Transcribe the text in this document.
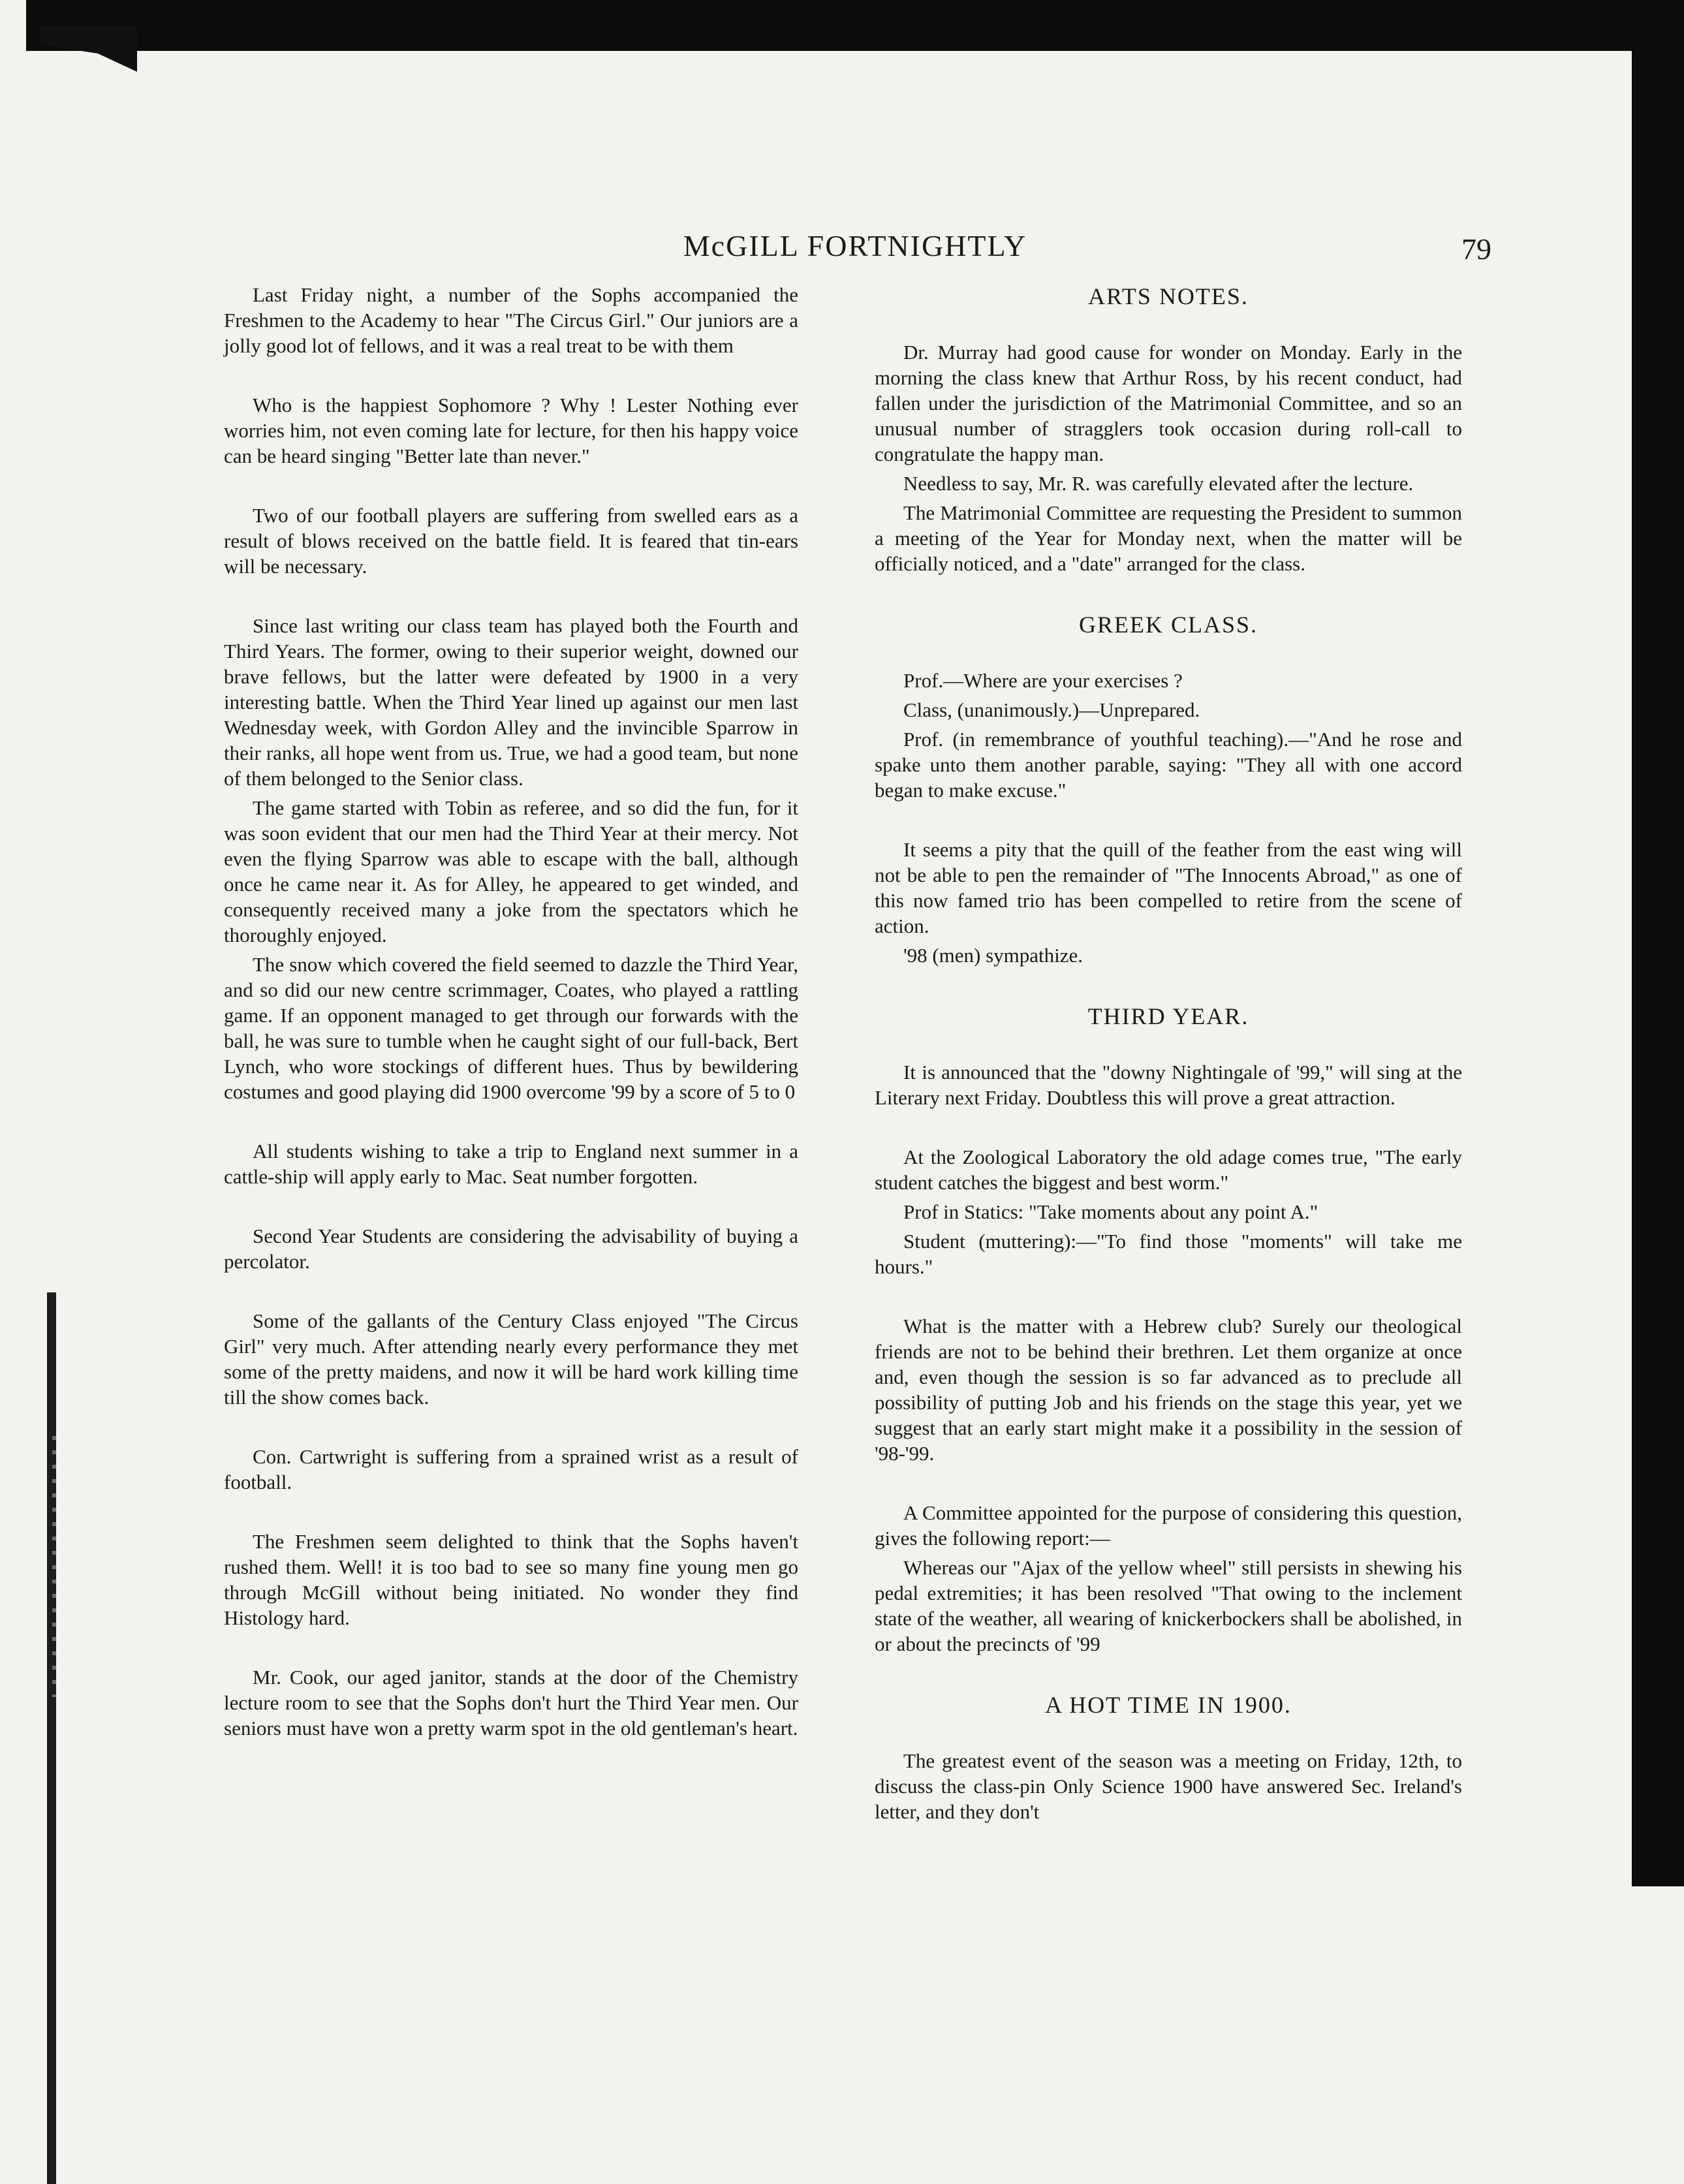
McGILL FORTNIGHTLY	79

Last Friday night, a number of the Sophs accompanied the Freshmen to the Academy to hear "The Circus Girl." Our juniors are a jolly good lot of fellows, and it was a real treat to be with them

Who is the happiest Sophomore ? Why ! Lester Nothing ever worries him, not even coming late for lecture, for then his happy voice can be heard singing "Better late than never."

Two of our football players are suffering from swelled ears as a result of blows received on the battle field. It is feared that tin-ears will be necessary.

Since last writing our class team has played both the Fourth and Third Years. The former, owing to their superior weight, downed our brave fellows, but the latter were defeated by 1900 in a very interesting battle. When the Third Year lined up against our men last Wednesday week, with Gordon Alley and the invincible Sparrow in their ranks, all hope went from us. True, we had a good team, but none of them belonged to the Senior class.

The game started with Tobin as referee, and so did the fun, for it was soon evident that our men had the Third Year at their mercy. Not even the flying Sparrow was able to escape with the ball, although once he came near it. As for Alley, he appeared to get winded, and consequently received many a joke from the spectators which he thoroughly enjoyed.

The snow which covered the field seemed to dazzle the Third Year, and so did our new centre scrimmager, Coates, who played a rattling game. If an opponent managed to get through our forwards with the ball, he was sure to tumble when he caught sight of our full-back, Bert Lynch, who wore stockings of different hues. Thus by bewildering costumes and good playing did 1900 overcome '99 by a score of 5 to 0

All students wishing to take a trip to England next summer in a cattle-ship will apply early to Mac. Seat number forgotten.

Second Year Students are considering the advisability of buying a percolator.

Some of the gallants of the Century Class enjoyed "The Circus Girl" very much. After attending nearly every performance they met some of the pretty maidens, and now it will be hard work killing time till the show comes back.

Con. Cartwright is suffering from a sprained wrist as a result of football.

The Freshmen seem delighted to think that the Sophs haven't rushed them. Well! it is too bad to see so many fine young men go through McGill without being initiated. No wonder they find Histology hard.

Mr. Cook, our aged janitor, stands at the door of the Chemistry lecture room to see that the Sophs don't hurt the Third Year men. Our seniors must have won a pretty warm spot in the old gentleman's heart.

ARTS NOTES.

Dr. Murray had good cause for wonder on Monday. Early in the morning the class knew that Arthur Ross, by his recent conduct, had fallen under the jurisdiction of the Matrimonial Committee, and so an unusual number of stragglers took occasion during roll-call to congratulate the happy man.

Needless to say, Mr. R. was carefully elevated after the lecture.

The Matrimonial Committee are requesting the President to summon a meeting of the Year for Monday next, when the matter will be officially noticed, and a "date" arranged for the class.

GREEK CLASS.

Prof.—Where are your exercises ?

Class, (unanimously.)—Unprepared.

Prof. (in remembrance of youthful teaching).—"And he rose and spake unto them another parable, saying: "They all with one accord began to make excuse."

It seems a pity that the quill of the feather from the east wing will not be able to pen the remainder of "The Innocents Abroad," as one of this now famed trio has been compelled to retire from the scene of action.

'98 (men) sympathize.

THIRD YEAR.

It is announced that the "downy Nightingale of '99," will sing at the Literary next Friday. Doubtless this will prove a great attraction.

At the Zoological Laboratory the old adage comes true, "The early student catches the biggest and best worm."

Prof in Statics: "Take moments about any point A."

Student (muttering):—"To find those "moments" will take me hours."

What is the matter with a Hebrew club? Surely our theological friends are not to be behind their brethren. Let them organize at once and, even though the session is so far advanced as to preclude all possibility of putting Job and his friends on the stage this year, yet we suggest that an early start might make it a possibility in the session of '98-'99.

A Committee appointed for the purpose of considering this question, gives the following report:—

Whereas our "Ajax of the yellow wheel" still persists in shewing his pedal extremities; it has been resolved "That owing to the inclement state of the weather, all wearing of knickerbockers shall be abolished, in or about the precincts of '99

A HOT TIME IN 1900.

The greatest event of the season was a meeting on Friday, 12th, to discuss the class-pin Only Science 1900 have answered Sec. Ireland's letter, and they don't
